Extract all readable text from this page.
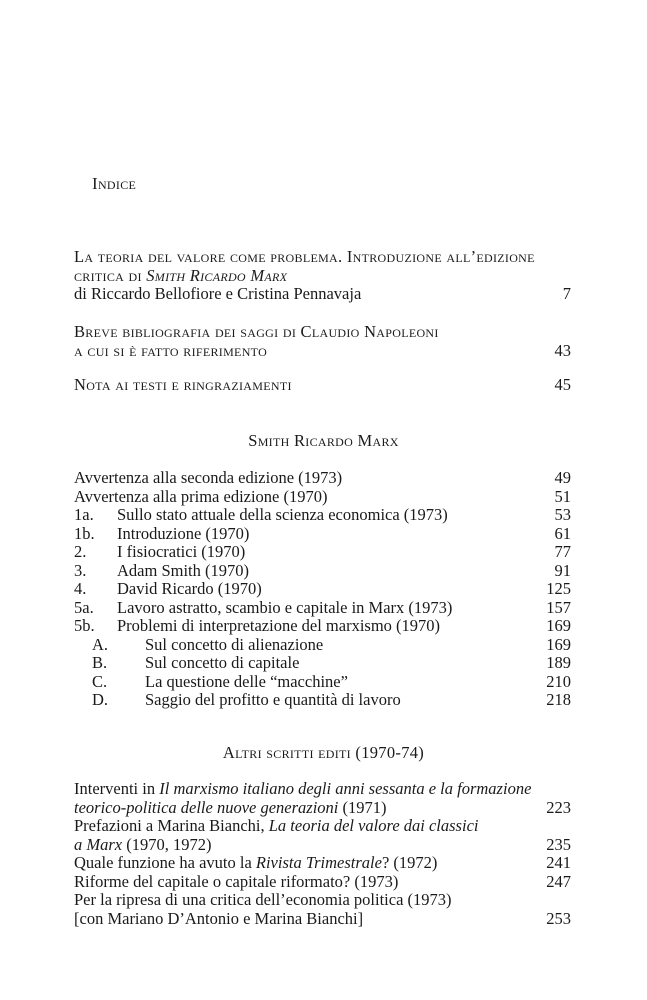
Indice
La teoria del valore come problema. Introduzione all’edizione
critica di Smith Ricardo Marx
di Riccardo Bellofiore e Cristina Pennavaja	7
Breve bibliografia dei saggi di Claudio Napoleoni
a cui si è fatto riferimento	43
Nota ai testi e ringraziamenti	45
Smith Ricardo Marx
Avvertenza alla seconda edizione (1973)	49
Avvertenza alla prima edizione (1970)	51
1a.	Sullo stato attuale della scienza economica (1973)	53
1b.	Introduzione (1970)	61
2.	I fisiocratici (1970)	77
3.	Adam Smith (1970)	91
4.	David Ricardo (1970)	125
5a.	Lavoro astratto, scambio e capitale in Marx (1973)	157
5b.	Problemi di interpretazione del marxismo (1970)	169
A.	Sul concetto di alienazione	169
B.	Sul concetto di capitale	189
C.	La questione delle “macchine”	210
D.	Saggio del profitto e quantità di lavoro	218
Altri scritti editi (1970-74)
Interventi in Il marxismo italiano degli anni sessanta e la formazione
teorico-politica delle nuove generazioni (1971)	223
Prefazioni a Marina Bianchi, La teoria del valore dai classici
a Marx (1970, 1972)	235
Quale funzione ha avuto la Rivista Trimestrale? (1972)	241
Riforme del capitale o capitale riformato? (1973)	247
Per la ripresa di una critica dell’economia politica (1973)
[con Mariano D’Antonio e Marina Bianchi]	253
